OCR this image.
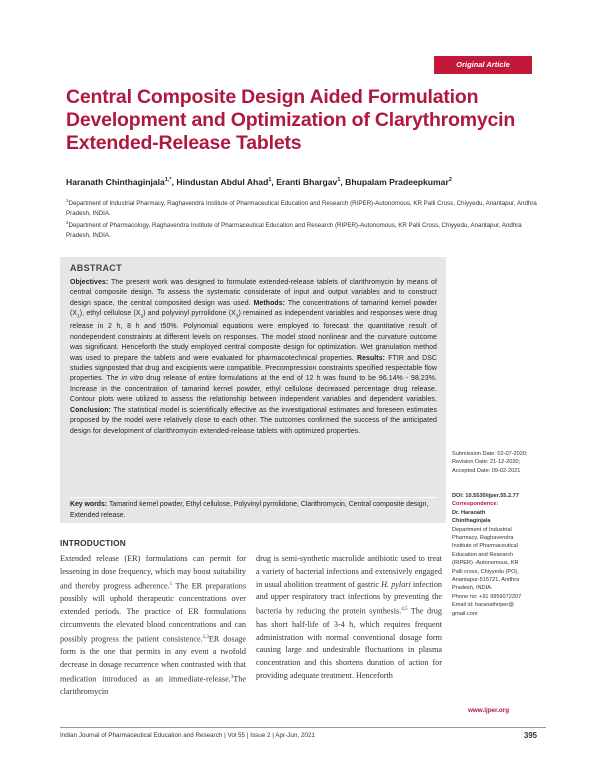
Original Article
Central Composite Design Aided Formulation
Development and Optimization of Clarythromycin
Extended-Release Tablets
Haranath Chinthaginjala$^{1,*}$, Hindustan Abdul Ahad$^1$, Eranti Bhargav$^1$, Bhupalam Pradeepkumar$^2$
$^1$Department of Industrial Pharmacy, Raghavendra Institute of Pharmaceutical Education and Research (RIPER)-Autonomous, KR Palli Cross, Chiyyedu, Anantapur, Andhra Pradesh, INDIA.
$^2$Department of Pharmacology, Raghavendra Institute of Pharmaceutical Education and Research (RIPER)-Autonomous, KR Palli Cross, Chiyyedu, Anantapur, Andhra Pradesh, INDIA.
ABSTRACT
Objectives: The present work was designed to formulate extended-release tablets of clarithromycin by means of central composite design. To assess the systematic considerate of input and output variables and to construct design space, the central composited design was used. Methods: The concentrations of tamarind kernel powder $(X_1)$, ethyl cellulose $(X_2)$ and polyvinyl pyrrolidone $(X_3)$ remained as independent variables and responses were drug release in 2 h, 8 h and t50%. Polynomial equations were employed to forecast the quantitative result of nondependent constraints at different levels on responses. The model stood nonlinear and the curvature outcome was significant. Henceforth the study employed central composite design for optimization. Wet granulation method was used to prepare the tablets and were evaluated for pharmacotechnical properties. Results: FTIR and DSC studies signposted that drug and excipients were compatible. Precompression constraints specified respectable flow properties. The in vitro drug release of entire formulations at the end of 12 h was found to be 96.14% - 98.23%. Increase in the concentration of tamarind kernel powder, ethyl cellulose decreased percentage drug release. Contour plots were utilized to assess the relationship between independent variables and dependent variables. Conclusion: The statistical model is scientifically effective as the investigational estimates and foreseen estimates proposed by the model were relatively close to each other. The outcomes confirmed the success of the anticipated design for development of clarithromycin extended-release tablets with optimized properties.
Key words: Tamarind kernel powder, Ethyl cellulose, Polyvinyl pyrrolidone, Clarithromycin, Central composite design, Extended release.
Submission Date: 02-07-2020;
Revision Date: 21-12-2020;
Accepted Date: 09-02-2021
DOI: 10.5530/ijper.55.2.77
Correspondence:
Dr. Haranath
Chinthaginjala
Department of Industrial
Pharmacy, Raghavendra
Institute of Pharmaceutical
Education and Research
(RIPER) -Autonomous, KR
Palli cross, Chiyyedu (PO),
Anantapur-515721, Andhra
Pradesh, INDIA.
Phone no: +91 9959072207
Email id: haranathriper@
gmail.com
INTRODUCTION
Extended release (ER) formulations can permit for lessening in dose frequency, which may boost suitability and thereby progress adherence.$^1$ The ER preparations possibly will uphold therapeutic concentrations over extended periods. The practice of ER formulations circumvents the elevated blood concentrations and can possibly progress the patient consistence.$^{2,3}$ER dosage form is the one that permits in any event a twofold decrease in dosage recurrence when contrasted with that medication introduced as an immediate-release.$^3$The clarithromycin
drug is semi-synthetic macrolide antibiotic used to treat a variety of bacterial infections and extensively engaged in usual abolition treatment of gastric H. pylori infection and upper respiratory tract infections by preventing the bacteria by reducing the protein synthesis.$^{4,5}$ The drug has short half-life of 3-4 h, which requires frequent administration with normal conventional dosage form causing large and undesirable fluctuations in plasma concentration and this shortens duration of action for providing adequate treatment. Henceforth
www.ijper.org
Indian Journal of Pharmaceutical Education and Research | Vol 55 | Issue 2 | Apr-Jun, 2021	395
